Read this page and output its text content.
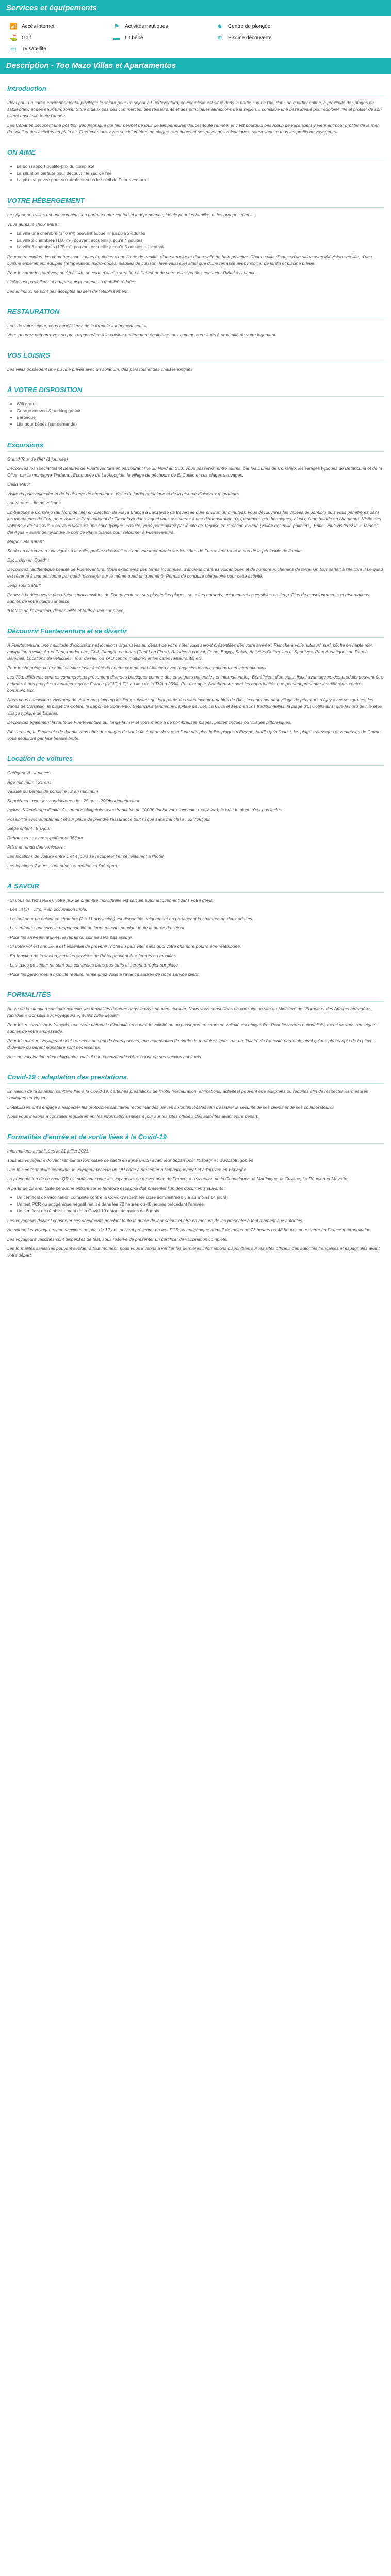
Services et équipements
📶 Accès internet	⚑ Activités nautiques	♞ Centre de plongée
⛳ Golf	▬ Lit bébé	≋ Piscine découverte
▭ Tv satellite
Description - Too Mazo Villas et Apartamentos
Introduction

Idéal pour un cadre environnemental privilégié le séjour pour un séjour à Fuerteventura, ce complexe est situé dans la partie sud de l'île, dans un quartier calme, à proximité des plages de sable blanc et des eaux turquoise. Situé à deux pas des commerces, des restaurants et des principales attractions de la région, il constitue une base idéale pour explorer l'île et profiter de son climat ensoleillé toute l'année.

Les Canaries occupent une position géographique qui leur permet de jouir de températures douces toute l'année, et c'est pourquoi beaucoup de vacanciers y viennent pour profiter de la mer, du soleil et des activités en plein air. Fuerteventura, avec ses kilomètres de plages, ses dunes et ses paysages volcaniques, saura séduire tous les profils de voyageurs.

ON AIME
• Le bon rapport qualité-prix du complexe
• La situation parfaite pour découvrir le sud de l'île
• La piscine privée pour se rafraîchir sous le soleil de Fuerteventura
VOTRE HÉBERGEMENT

Le séjour des villas est une combinaison parfaite entre confort et indépendance, idéale pour les familles et les groupes d'amis.

Vous aurez le choix entre :

• La villa une chambre (140 m²) pouvant accueillir jusqu'à 2 adultes
• La villa 2 chambres (160 m²) pouvant accueillir jusqu'à 4 adultes
• La villa 3 chambres (175 m²) pouvant accueillir jusqu'à 5 adultes + 1 enfant

Pour votre confort, les chambres sont toutes équipées d'une literie de qualité, d'une armoire et d'une salle de bain privative. Chaque villa dispose d'un salon avec télévision satellite, d'une cuisine entièrement équipée (réfrigérateur, micro-ondes, plaques de cuisson, lave-vaisselle) ainsi que d'une terrasse avec mobilier de jardin et piscine privée.

Pour les arrivées tardives, de 9h à 14h, un code d'accès aura lieu à l'intérieur de votre villa. Veuillez contacter l'hôtel à l'avance.

L'hôtel est partiellement adapté aux personnes à mobilité réduite.

Les animaux ne sont pas acceptés au sein de l'établissement.

RESTAURATION

Lors de votre séjour, vous bénéficierez de la formule « logement seul ».

Vous pourrez préparer vos propres repas grâce à la cuisine entièrement équipée et aux commerces situés à proximité de votre logement.

VOS LOISIRS

Les villas possèdent une piscine privée avec un solarium, des parasols et des chaises longues.

À VOTRE DISPOSITION
• Wifi gratuit
• Garage couvert & parking gratuit
• Barbecue
• Lits pour bébés (sur demande)
Excursions

Grand Tour de l'Île* (1 journée)

Découvrez les spécialités et beautés de Fuerteventura en parcourant l'île du Nord au Sud. Vous passerez, entre autres, par les Dunes de Corralejo, les villages typiques de Betancuria et de la Oliva, par la montagne Tindaya, l'Ecomusée de La Alcogida, le village de pêcheurs de El Cotillo et ses plages sauvages.

Oasis Parc*

Visite du parc animalier et de la réserve de chameaux. Visite du jardin botanique et de la réserve d'oiseaux migrateurs.

Lanzarote* – île de volcans

Embarquez à Corralejo (au Nord de l'île) en direction de Playa Blanca à Lanzarote (la traversée dure environ 30 minutes). Vous découvrirez les vallées de Janubio puis vous pénètrerez dans les montagnes de Feu, pour visiter le Parc national de Timanfaya dans lequel vous assisterez à une démonstration d'expériences géothermiques, ainsi qu'une balade en chameau*. Visite des volcans « de La Geria » où vous visiterez une cave typique. Ensuite, vous poursuivrez par le site de Teguise en direction d'Haria (vallée des mille palmiers). Enfin, vous visiterez la « Jameos del Agua » avant de rejoindre le port de Playa Blanca pour retourner à Fuerteventura.

Magic Catamaran*

Sortie en catamaran : Naviguez à la voile, profitez du soleil et d'une vue imprenable sur les côtes de Fuerteventura et le sud de la péninsule de Jandia.

Excursion en Quad* :

Découvrez l'authentique beauté de Fuerteventura. Vous explorerez des terres inconnues, d'anciens cratères volcaniques et de nombreux chemins de terre. Un tour parfait à l'île libre !! Le quad est réservé à une personne par quad (passager sur le même quad uniquement). Permis de conduire obligatoire pour cette activité.

Jeep Tour Safari*

Partez à la découverte des régions inaccessibles de Fuerteventura : ses plus belles plages, ses sites naturels, uniquement accessibles en Jeep. Plus de renseignements et réservations auprès de votre guide sur place.

*Détails de l'excursion, disponibilité et tarifs à voir sur place.

Découvrir Fuerteventura et se divertir

À Fuerteventura, une multitude d'excursions et locations organisées au départ de votre hôtel vous seront présentées dès votre arrivée : Planche à voile, kitesurf, surf, pêche en haute mer, navigation à voile, Aqua Park, randonnée, Golf, Plongée en tubas (Pool Lon Flora), Balades à cheval, Quad, Buggy, Safari, Activités Culturelles et Sportives, Parc Aquatiques au Parc à Baleines, Locations de véhicules, Tour de l'île, ou TAO centre multiplex et les cafés restaurants, etc.

Pour le shopping, votre hôtel se situe juste à côté du centre commercial Atlantico avec magasins locaux, nationaux et internationaux.

Les 75a, différents centres commerciaux présentent diverses boutiques comme des enseignes nationales et internationales. Bénéficient d'un statut fiscal avantageux, des produits peuvent être achetés à des prix plus avantageux qu'en France (l'IGIC à 7% au lieu de la TVA à 20%). Par exemple, Nombreuses sont les opportunités que peuvent présenter les différents centres commerciaux.

Nous vous conseillons vivement de visiter au minimum les lieux suivants qui font partie des sites incontournables de l'île : le charmant petit village de pêcheurs d'Ajuy avec ses grottes, les dunes de Corralejo, la plage de Cofete, le Lagon de Sotavento, Betancuria (ancienne capitale de l'île), La Oliva et ses maisons traditionnelles, la plage d'El Cotillo ainsi que le nord de l'île et le village typique de Lajares.

Découvrez également la route de Fuerteventura qui longe la mer et vous mène à de nombreuses plages, petites criques ou villages pittoresques.

Plus au sud, la Péninsule de Jandia vous offre des plages de sable fin à perte de vue et l'une des plus belles plages d'Europe, tandis qu'à l'ouest, les plages sauvages et venteuses de Cofete vous séduiront par leur beauté brute.

Location de voitures

Catégorie A : 4 places

Âge minimum : 21 ans

Validité du permis de conduire : 2 an minimum

Supplément pour les conducteurs de - 25 ans : 20€/jour/conducteur

Inclus : Kilométrage illimité, Assurance obligatoire avec franchise de 1000€ (inclut vol + incendie + collision), le bris de glace n'est pas inclus

Possibilité avec supplément et sur place de prendre l'assurance tout risque sans franchise : 22.70€/jour

Siège enfant : 9 €/jour

Rehausseur : avec supplément 3€/jour

Prise et rendu des véhicules :

Les locations de voiture entre 1 et 4 jours se récupèrent et se restituent à l'hôtel.

Les locations 7 jours, sont prises et rendues à l'aéroport.

À SAVOIR

- Si vous partez seul(e), votre prix de chambre individuelle est calculé automatiquement dans votre devis.

- Les lits(3) = lit(s) – en occupation triple.

- Le tarif pour un enfant en chambre (2 à 11 ans inclus) est disponible uniquement en partageant la chambre de deux adultes.

- Les enfants sont sous la responsabilité de leurs parents pendant toute la durée du séjour.

- Pour les arrivées tardives, le repas du soir ne sera pas assuré.

- Si votre vol est annulé, il est essentiel de prévenir l'hôtel au plus vite, sans quoi votre chambre pourra être réattribuée.

- En fonction de la saison, certains services de l'hôtel peuvent être fermés ou modifiés.

- Les taxes de séjour ne sont pas comprises dans nos tarifs et seront à régler sur place.

- Pour les personnes à mobilité réduite, renseignez-vous à l'avance auprès de notre service client.

FORMALITÉS

Au vu de la situation sanitaire actuelle, les formalités d'entrée dans le pays peuvent évoluer. Nous vous conseillons de consulter le site du Ministère de l'Europe et des Affaires étrangères, rubrique « Conseils aux voyageurs », avant votre départ.

Pour les ressortissants français, une carte nationale d'identité en cours de validité ou un passeport en cours de validité est obligatoire. Pour les autres nationalités, merci de vous renseigner auprès de votre ambassade.

Pour les mineurs voyageant seuls ou avec un seul de leurs parents, une autorisation de sortie de territoire signée par un titulaire de l'autorité parentale ainsi qu'une photocopie de la pièce d'identité du parent signataire sont nécessaires.

Aucune vaccination n'est obligatoire, mais il est recommandé d'être à jour de ses vaccins habituels.

Covid-19 : adaptation des prestations

En raison de la situation sanitaire liée à la Covid-19, certaines prestations de l'hôtel (restauration, animations, activités) peuvent être adaptées ou réduites afin de respecter les mesures sanitaires en vigueur.

L'établissement s'engage à respecter les protocoles sanitaires recommandés par les autorités locales afin d'assurer la sécurité de ses clients et de ses collaborateurs.

Nous vous invitons à consulter régulièrement les informations mises à jour sur les sites officiels des autorités avant votre départ.

Formalités d'entrée et de sortie liées à la Covid-19

Informations actualisées le 21 juillet 2021.

Tous les voyageurs doivent remplir un formulaire de santé en ligne (FCS) avant leur départ pour l'Espagne : www.spth.gob.es

Une fois ce formulaire complété, le voyageur recevra un QR code à présenter à l'embarquement et à l'arrivée en Espagne.

La présentation de ce code QR est suffisante pour les voyageurs en provenance de France, à l'exception de la Guadeloupe, la Martinique, la Guyane, La Réunion et Mayotte.

À partir de 12 ans, toute personne entrant sur le territoire espagnol doit présenter l'un des documents suivants :

• Un certificat de vaccination complète contre la Covid-19 (dernière dose administrée il y a au moins 14 jours)
• Un test PCR ou antigénique négatif réalisé dans les 72 heures ou 48 heures précédant l'arrivée
• Un certificat de rétablissement de la Covid-19 datant de moins de 6 mois

Les voyageurs doivent conserver ces documents pendant toute la durée de leur séjour et être en mesure de les présenter à tout moment aux autorités.

Au retour, les voyageurs non vaccinés de plus de 12 ans doivent présenter un test PCR ou antigénique négatif de moins de 72 heures ou 48 heures pour entrer en France métropolitaine.

Les voyageurs vaccinés sont dispensés de test, sous réserve de présenter un certificat de vaccination complète.

Les formalités sanitaires pouvant évoluer à tout moment, nous vous invitons à vérifier les dernières informations disponibles sur les sites officiels des autorités françaises et espagnoles avant votre départ.
